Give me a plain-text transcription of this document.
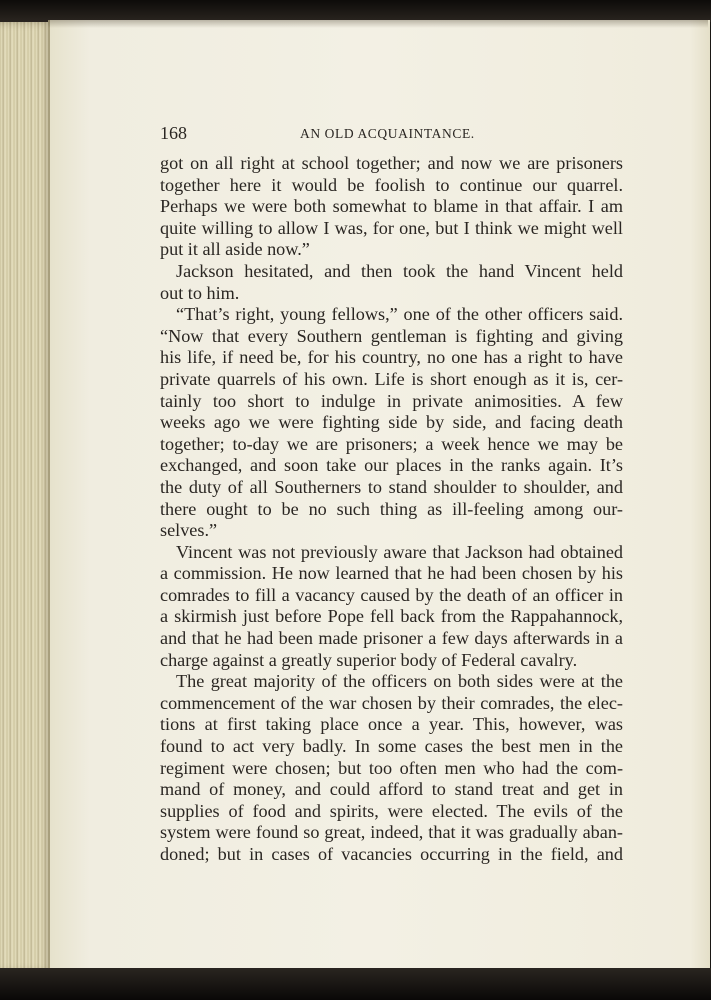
168	AN OLD ACQUAINTANCE.
got on all right at school together; and now we are prisoners
together here it would be foolish to continue our quarrel.
Perhaps we were both somewhat to blame in that affair. I am
quite willing to allow I was, for one, but I think we might well
put it all aside now.”
Jackson hesitated, and then took the hand Vincent held
out to him.
“That’s right, young fellows,” one of the other officers said.
“Now that every Southern gentleman is fighting and giving
his life, if need be, for his country, no one has a right to have
private quarrels of his own. Life is short enough as it is, cer-
tainly too short to indulge in private animosities. A few
weeks ago we were fighting side by side, and facing death
together; to-day we are prisoners; a week hence we may be
exchanged, and soon take our places in the ranks again. It’s
the duty of all Southerners to stand shoulder to shoulder, and
there ought to be no such thing as ill-feeling among our-
selves.”
Vincent was not previously aware that Jackson had obtained
a commission. He now learned that he had been chosen by his
comrades to fill a vacancy caused by the death of an officer in
a skirmish just before Pope fell back from the Rappahannock,
and that he had been made prisoner a few days afterwards in a
charge against a greatly superior body of Federal cavalry.
The great majority of the officers on both sides were at the
commencement of the war chosen by their comrades, the elec-
tions at first taking place once a year. This, however, was
found to act very badly. In some cases the best men in the
regiment were chosen; but too often men who had the com-
mand of money, and could afford to stand treat and get in
supplies of food and spirits, were elected. The evils of the
system were found so great, indeed, that it was gradually aban-
doned; but in cases of vacancies occurring in the field, and
